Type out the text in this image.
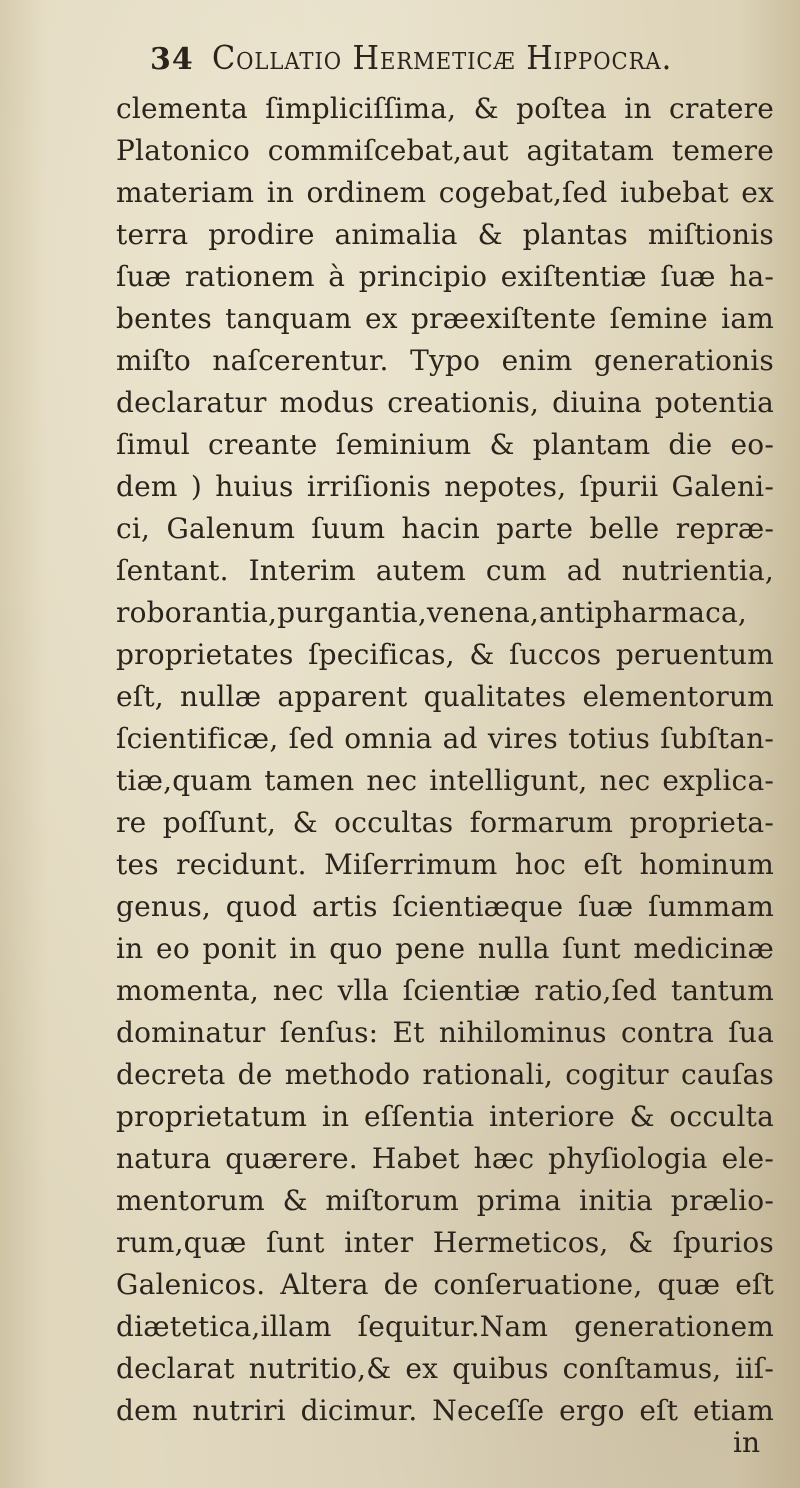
34 Collatio Hermeticæ Hippocra.
clementa ſimpliciſſima, & poſtea in cratere
Platonico commiſcebat,aut agitatam temere
materiam in ordinem cogebat,ſed iubebat ex
terra prodire animalia & plantas miſtionis
ſuæ rationem à principio exiſtentiæ ſuæ ha-
bentes tanquam ex præexiſtente ſemine iam
miſto naſcerentur. Typo enim generationis
declaratur modus creationis, diuina potentia
ſimul creante ſeminium & plantam die eo-
dem ) huius irriſionis nepotes, ſpurii Galeni-
ci, Galenum ſuum hacin parte belle repræ-
ſentant. Interim autem cum ad nutrientia,
roborantia,purgantia,venena,antipharmaca,
proprietates ſpecificas, & ſuccos peruentum
eſt, nullæ apparent qualitates elementorum
ſcientificæ, ſed omnia ad vires totius ſubſtan-
tiæ,quam tamen nec intelligunt, nec explica-
re poſſunt, & occultas formarum proprieta-
tes recidunt. Miſerrimum hoc eſt hominum
genus, quod artis ſcientiæque ſuæ ſummam
in eo ponit in quo pene nulla ſunt medicinæ
momenta, nec vlla ſcientiæ ratio,ſed tantum
dominatur ſenſus: Et nihilominus contra ſua
decreta de methodo rationali, cogitur cauſas
proprietatum in eſſentia interiore & occulta
natura quærere. Habet hæc phyſiologia ele-
mentorum & miſtorum prima initia prælio-
rum,quæ ſunt inter Hermeticos, & ſpurios
Galenicos. Altera de conſeruatione, quæ eſt
diætetica,illam ſequitur.Nam generationem
declarat nutritio,& ex quibus conſtamus, iiſ-
dem nutriri dicimur. Neceſſe ergo eſt etiam
in
